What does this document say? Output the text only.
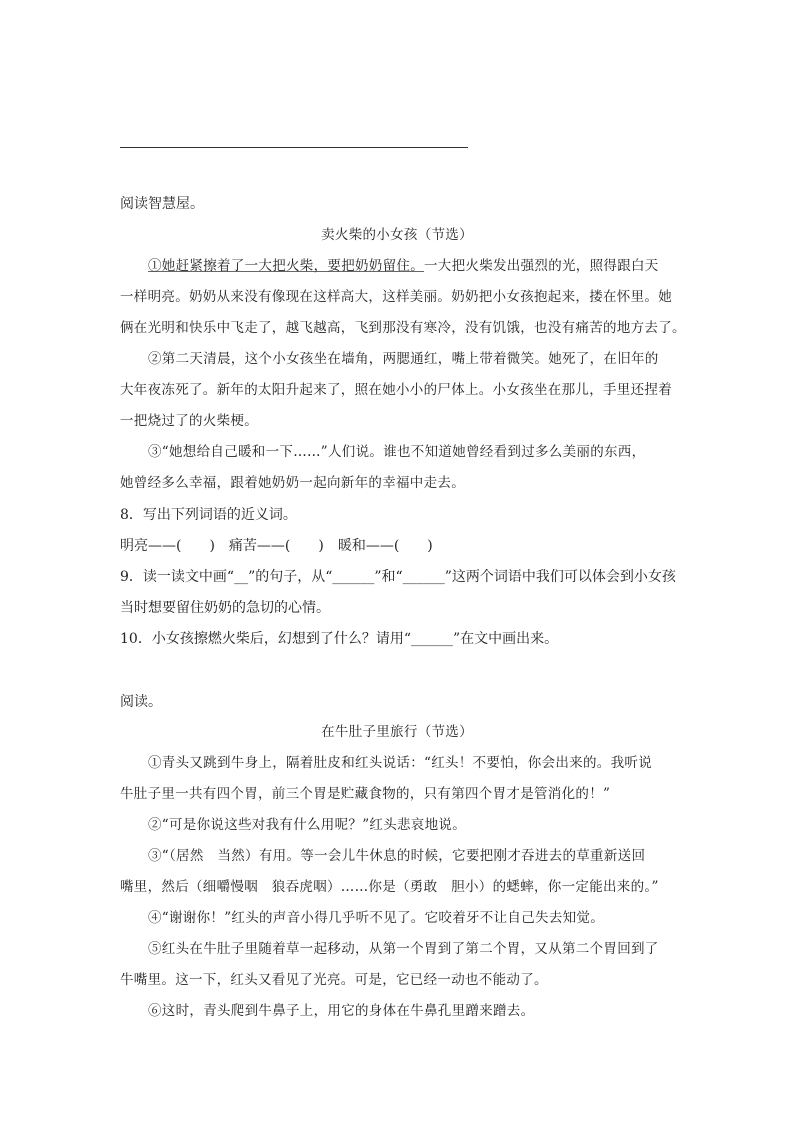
阅读智慧屋。
卖火柴的小女孩（节选）
①她赶紧擦着了一大把火柴，要把奶奶留住。一大把火柴发出强烈的光，照得跟白天
一样明亮。奶奶从来没有像现在这样高大，这样美丽。奶奶把小女孩抱起来，搂在怀里。她
俩在光明和快乐中飞走了，越飞越高，飞到那没有寒冷，没有饥饿，也没有痛苦的地方去了。
②第二天清晨，这个小女孩坐在墙角，两腮通红，嘴上带着微笑。她死了，在旧年的
大年夜冻死了。新年的太阳升起来了，照在她小小的尸体上。小女孩坐在那儿，手里还捏着
一把烧过了的火柴梗。
③“她想给自己暖和一下……”人们说。谁也不知道她曾经看到过多么美丽的东西，
她曾经多么幸福，跟着她奶奶一起向新年的幸福中走去。
8．写出下列词语的近义词。
明亮——(　　)　痛苦——(　　)　暖和——(　　)
9．读一读文中画“__”的句子，从“______”和“______”这两个词语中我们可以体会到小女孩
当时想要留住奶奶的急切的心情。
10．小女孩擦燃火柴后，幻想到了什么？请用“______”在文中画出来。
阅读。
在牛肚子里旅行（节选）
①青头又跳到牛身上，隔着肚皮和红头说话：“红头！不要怕，你会出来的。我听说
牛肚子里一共有四个胃，前三个胃是贮藏食物的，只有第四个胃才是管消化的！”
②“可是你说这些对我有什么用呢？”红头悲哀地说。
③“（居然　当然）有用。等一会儿牛休息的时候，它要把刚才吞进去的草重新送回
嘴里，然后（细嚼慢咽　狼吞虎咽）……你是（勇敢　胆小）的蟋蟀，你一定能出来的。”
④“谢谢你！”红头的声音小得几乎听不见了。它咬着牙不让自己失去知觉。
⑤红头在牛肚子里随着草一起移动，从第一个胃到了第二个胃，又从第二个胃回到了
牛嘴里。这一下，红头又看见了光亮。可是，它已经一动也不能动了。
⑥这时，青头爬到牛鼻子上，用它的身体在牛鼻孔里蹭来蹭去。
